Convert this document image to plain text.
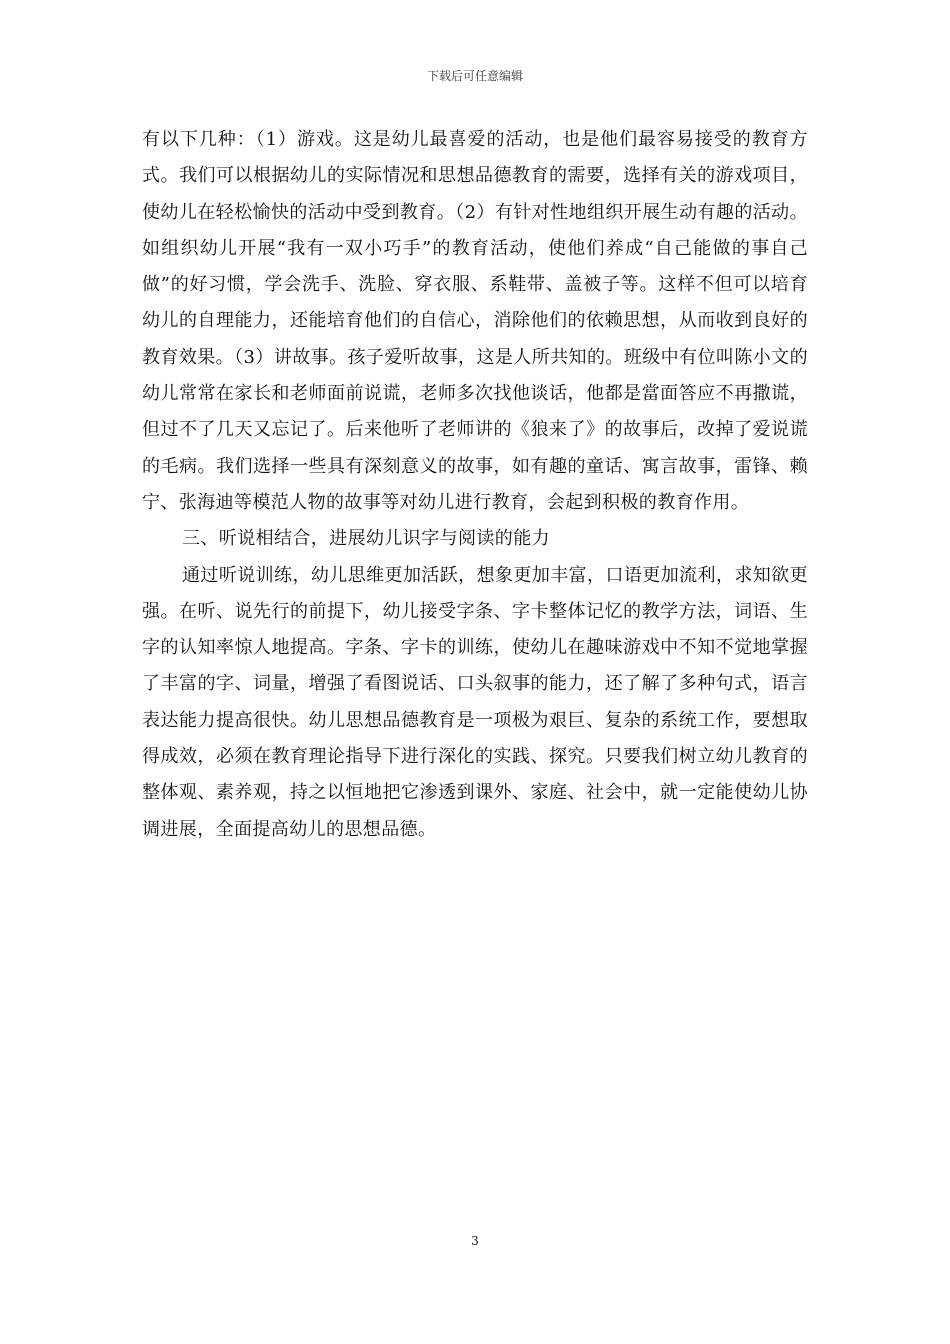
下载后可任意编辑

有以下几种：（1）游戏。这是幼儿最喜爱的活动，也是他们最容易接受的教育方式。我们可以根据幼儿的实际情况和思想品德教育的需要，选择有关的游戏项目，使幼儿在轻松愉快的活动中受到教育。（2）有针对性地组织开展生动有趣的活动。如组织幼儿开展“我有一双小巧手”的教育活动，使他们养成“自己能做的事自己做”的好习惯，学会洗手、洗脸、穿衣服、系鞋带、盖被子等。这样不但可以培育幼儿的自理能力，还能培育他们的自信心，消除他们的依赖思想，从而收到良好的教育效果。（3）讲故事。孩子爱听故事，这是人所共知的。班级中有位叫陈小文的幼儿常常在家长和老师面前说谎，老师多次找他谈话，他都是當面答应不再撒谎，但过不了几天又忘记了。后来他听了老师讲的《狼来了》的故事后，改掉了爱说谎的毛病。我们选择一些具有深刻意义的故事，如有趣的童话、寓言故事，雷锋、赖宁、张海迪等模范人物的故事等对幼儿进行教育，会起到积极的教育作用。

三、听说相结合，进展幼儿识字与阅读的能力

通过听说训练，幼儿思维更加活跃，想象更加丰富，口语更加流利，求知欲更强。在听、说先行的前提下，幼儿接受字条、字卡整体记忆的教学方法，词语、生字的认知率惊人地提高。字条、字卡的训练，使幼儿在趣味游戏中不知不觉地掌握了丰富的字、词量，增强了看图说话、口头叙事的能力，还了解了多种句式，语言表达能力提高很快。幼儿思想品德教育是一项极为艰巨、复杂的系统工作，要想取得成效，必须在教育理论指导下进行深化的实践、探究。只要我们树立幼儿教育的整体观、素养观，持之以恒地把它渗透到课外、家庭、社会中，就一定能使幼儿协调进展，全面提高幼儿的思想品德。

3
